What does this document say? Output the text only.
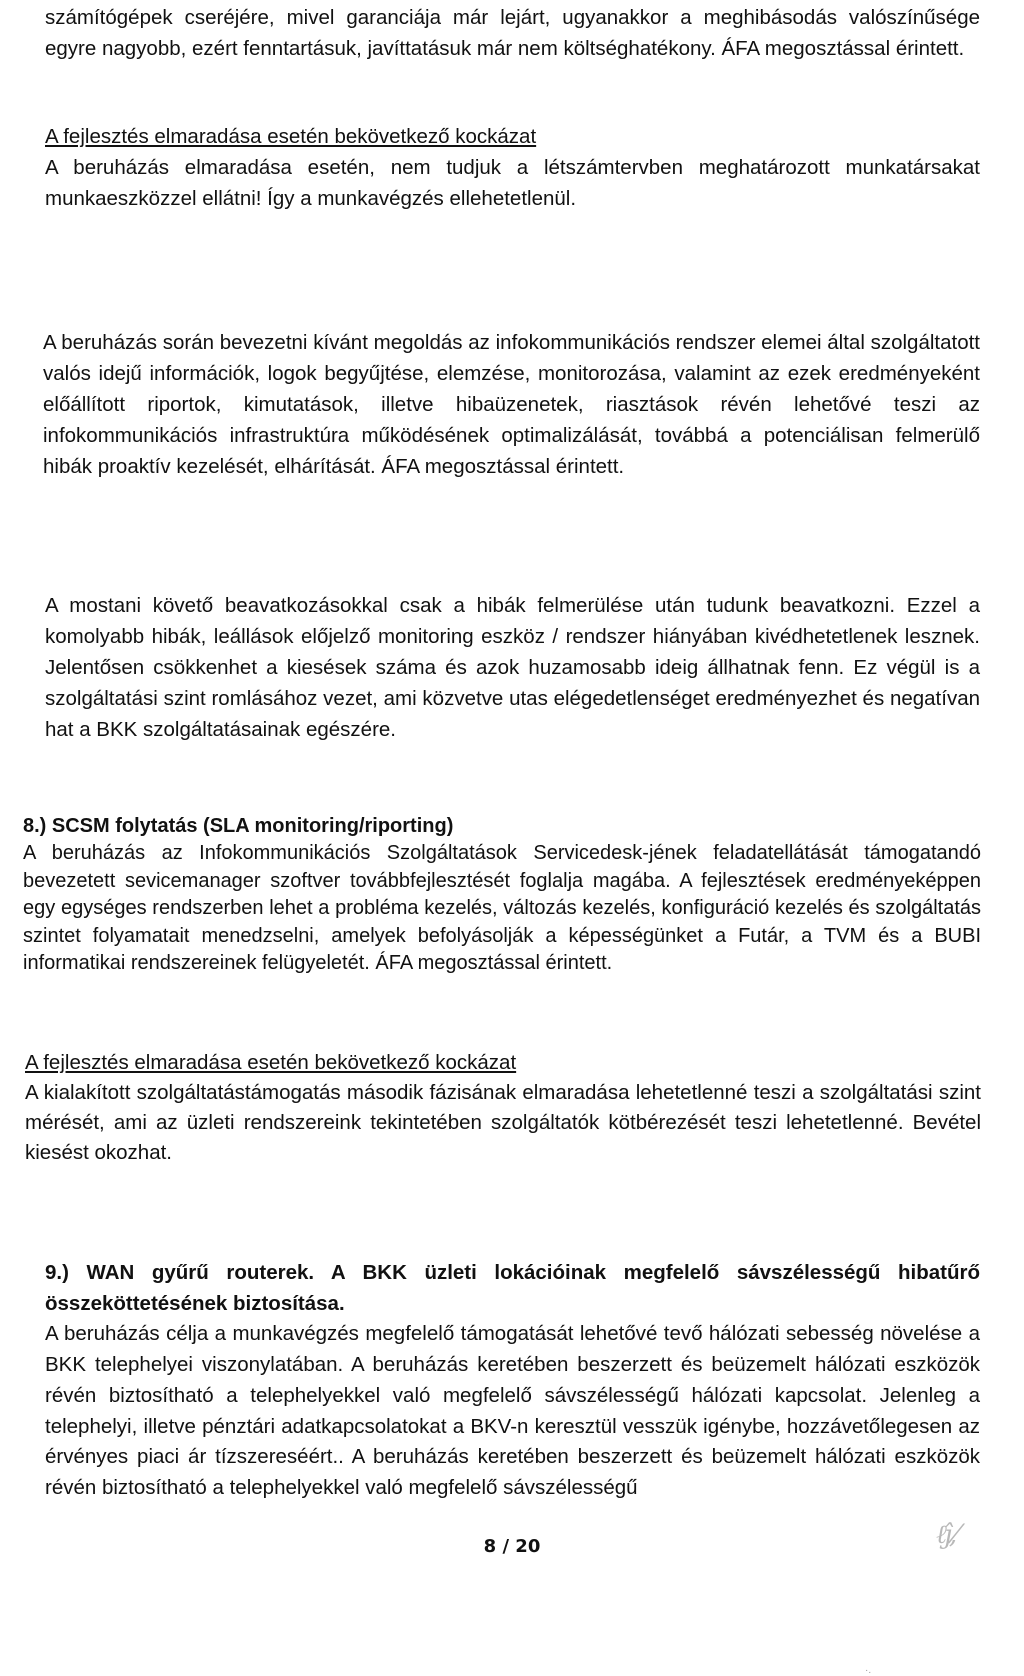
számítógépek cseréjére, mivel garanciája már lejárt, ugyanakkor a meghibásodás valószínűsége egyre nagyobb, ezért fenntartásuk, javíttatásuk már nem költséghatékony. ÁFA megosztással érintett.

A fejlesztés elmaradása esetén bekövetkező kockázat
A beruházás elmaradása esetén, nem tudjuk a létszámtervben meghatározott munkatársakat munkaeszközzel ellátni! Így a munkavégzés ellehetetlenül.

A beruházás során bevezetni kívánt megoldás az infokommunikációs rendszer elemei által szolgáltatott valós idejű információk, logok begyűjtése, elemzése, monitorozása, valamint az ezek eredményeként előállított riportok, kimutatások, illetve hibaüzenetek, riasztások révén lehetővé teszi az infokommunikációs infrastruktúra működésének optimalizálását, továbbá a potenciálisan felmerülő hibák proaktív kezelését, elhárítását. ÁFA megosztással érintett.

A mostani követő beavatkozásokkal csak a hibák felmerülése után tudunk beavatkozni. Ezzel a komolyabb hibák, leállások előjelző monitoring eszköz / rendszer hiányában kivédhetetlenek lesznek. Jelentősen csökkenhet a kiesések száma és azok huzamosabb ideig állhatnak fenn. Ez végül is a szolgáltatási szint romlásához vezet, ami közvetve utas elégedetlenséget eredményezhet és negatívan hat a BKK szolgáltatásainak egészére.

8.) SCSM folytatás (SLA monitoring/riporting)
A beruházás az Infokommunikációs Szolgáltatások Servicedesk-jének feladatellátását támogatandó bevezetett sevicemanager szoftver továbbfejlesztését foglalja magába. A fejlesztések eredményeképpen egy egységes rendszerben lehet a probléma kezelés, változás kezelés, konfiguráció kezelés és szolgáltatás szintet folyamatait menedzselni, amelyek befolyásolják a képességünket a Futár, a TVM és a BUBI informatikai rendszereinek felügyeletét. ÁFA megosztással érintett.

A fejlesztés elmaradása esetén bekövetkező kockázat
A kialakított szolgáltatástámogatás második fázisának elmaradása lehetetlenné teszi a szolgáltatási szint mérését, ami az üzleti rendszereink tekintetében szolgáltatók kötbérezését teszi lehetetlenné. Bevétel kiesést okozhat.

9.) WAN gyűrű routerek. A BKK üzleti lokációinak megfelelő sávszélességű hibatűrő összeköttetésének biztosítása.
A beruházás célja a munkavégzés megfelelő támogatását lehetővé tevő hálózati sebesség növelése a BKK telephelyei viszonylatában. A beruházás keretében beszerzett és beüzemelt hálózati eszközök révén biztosítható a telephelyekkel való megfelelő sávszélességű hálózati kapcsolat. Jelenleg a telephelyi, illetve pénztári adatkapcsolatokat a BKV-n keresztül vesszük igénybe, hozzávetőlegesen az érvényes piaci ár tízszereséért.. A beruházás keretében beszerzett és beüzemelt hálózati eszközök révén biztosítható a telephelyekkel való megfelelő sávszélességű

8 / 20	ℓĵ,⁄
·.
